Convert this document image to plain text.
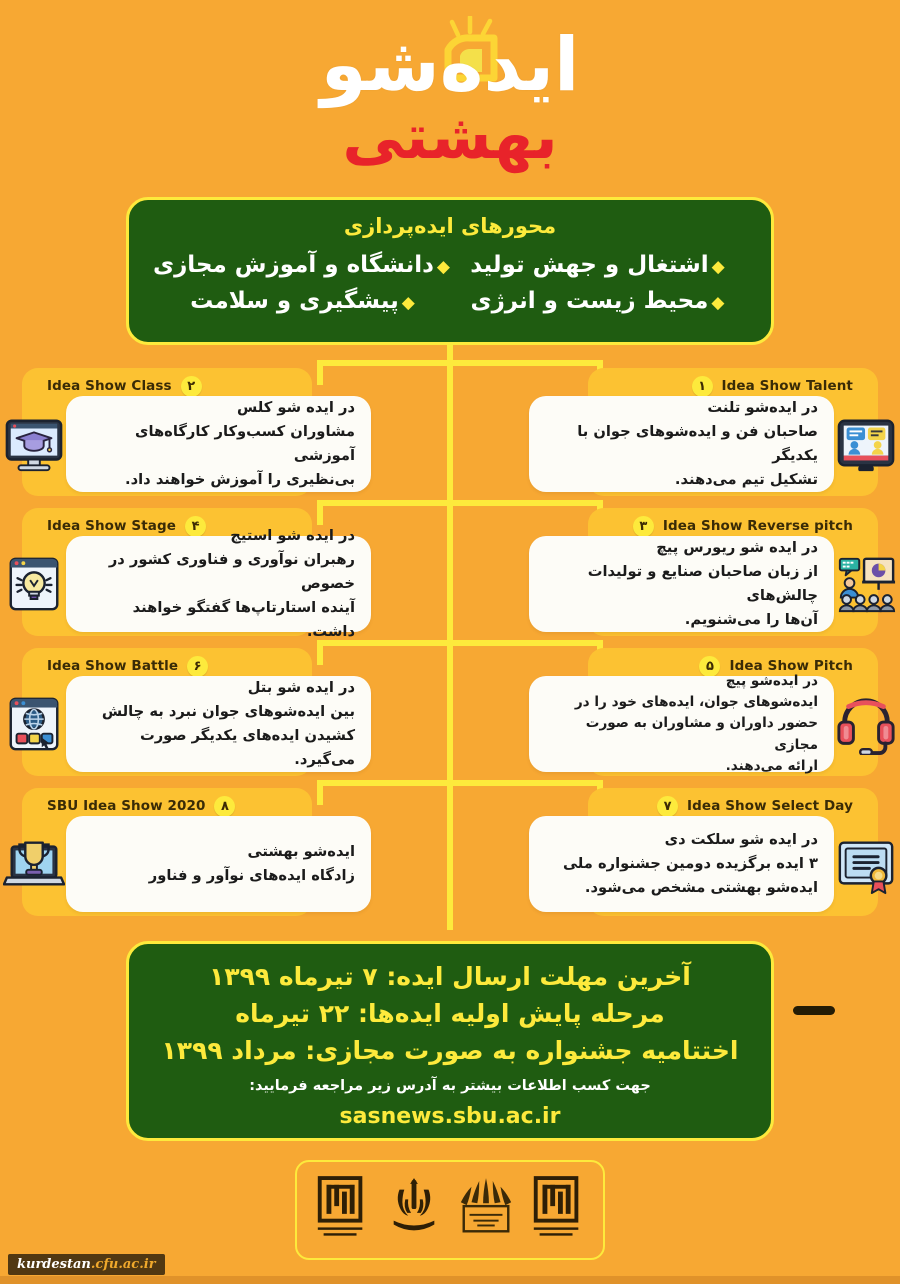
ایده‌شو
بهشتی
محورهای ایده‌پردازی
◆اشتغال و جهش تولید
◆دانشگاه و آموزش مجازی
◆محیط زیست و انرژی
◆پیشگیری و سلامت
Idea Show Talent
۱

در ایده‌شو تلنت
صاحبان فن و ایده‌شوهای جوان با یکدیگر
تشکیل تیم می‌دهند.

Idea Show Class	۲

در ایده شو کلس
مشاوران کسب‌وکار کارگاه‌های آموزشی
بی‌نظیری را آموزش خواهند داد.

Idea Show Reverse pitch
۳

در ایده شو ریورس پیچ
از زبان صاحبان صنایع و تولیدات چالش‌های
آن‌ها را می‌شنویم.

Idea Show Stage	۴

در ایده شو استیج
رهبران نوآوری و فناوری کشور در خصوص
آینده استارتاپ‌ها گفتگو خواهند داشت.

Idea Show Pitch
۵

در ایده‌شو پیچ
ایده‌شوهای جوان، ایده‌های خود را در
حضور داوران و مشاوران به صورت مجازی
ارائه می‌دهند.

Idea Show Battle	۶

در ایده شو بتل
بین ایده‌شوهای جوان نبرد به چالش
کشیدن ایده‌های یکدیگر صورت می‌گیرد.

Idea Show Select Day
۷

در ایده شو سلکت دی
۳ ایده برگزیده دومین جشنواره ملی
ایده‌شو بهشتی مشخص می‌شود.

SBU Idea Show 2020	۸

ایده‌شو بهشتی
زادگاه ایده‌های نوآور و فناور

آخرین مهلت ارسال ایده: ۷ تیرماه ۱۳۹۹
مرحله پایش اولیه ایده‌ها: ۲۲ تیرماه
اختتامیه جشنواره به صورت مجازی: مرداد ۱۳۹۹
جهت کسب اطلاعات بیشتر به آدرس زیر مراجعه فرمایید:
sasnews.sbu.ac.ir
kurdestan.cfu.ac.ir
